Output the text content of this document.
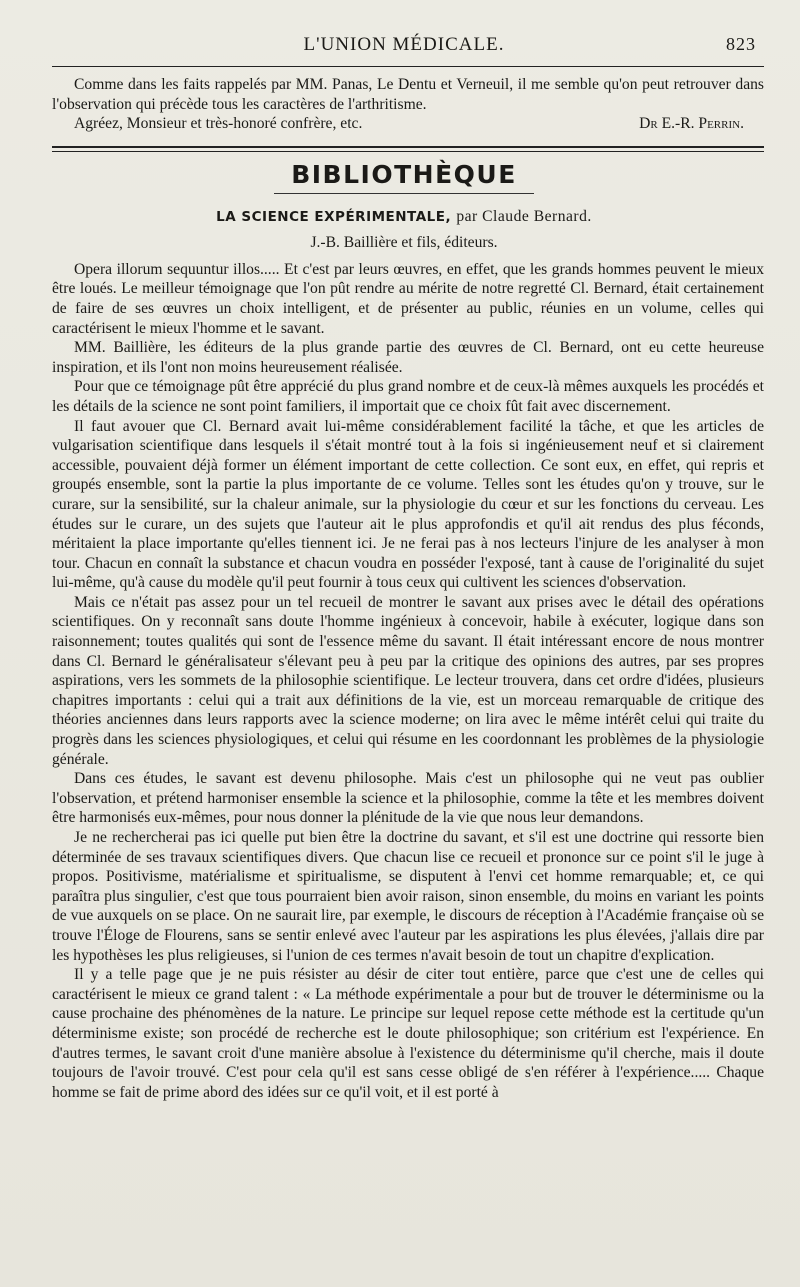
L'UNION MÉDICALE.	823

Comme dans les faits rappelés par MM. Panas, Le Dentu et Verneuil, il me semble qu'on peut retrouver dans l'observation qui précède tous les caractères de l'arthritisme.

Agréez, Monsieur et très-honoré confrère, etc.	Dr E.-R. Perrin.
BIBLIOTHÈQUE
LA SCIENCE EXPÉRIMENTALE, par Claude Bernard.
J.-B. Baillière et fils, éditeurs.

Opera illorum sequuntur illos..... Et c'est par leurs œuvres, en effet, que les grands hommes peuvent le mieux être loués. Le meilleur témoignage que l'on pût rendre au mérite de notre regretté Cl. Bernard, était certainement de faire de ses œuvres un choix intelligent, et de présenter au public, réunies en un volume, celles qui caractérisent le mieux l'homme et le savant.

MM. Baillière, les éditeurs de la plus grande partie des œuvres de Cl. Bernard, ont eu cette heureuse inspiration, et ils l'ont non moins heureusement réalisée.

Pour que ce témoignage pût être apprécié du plus grand nombre et de ceux-là mêmes auxquels les procédés et les détails de la science ne sont point familiers, il importait que ce choix fût fait avec discernement.

Il faut avouer que Cl. Bernard avait lui-même considérablement facilité la tâche, et que les articles de vulgarisation scientifique dans lesquels il s'était montré tout à la fois si ingénieusement neuf et si clairement accessible, pouvaient déjà former un élément important de cette collection. Ce sont eux, en effet, qui repris et groupés ensemble, sont la partie la plus importante de ce volume. Telles sont les études qu'on y trouve, sur le curare, sur la sensibilité, sur la chaleur animale, sur la physiologie du cœur et sur les fonctions du cerveau. Les études sur le curare, un des sujets que l'auteur ait le plus approfondis et qu'il ait rendus des plus féconds, méritaient la place importante qu'elles tiennent ici. Je ne ferai pas à nos lecteurs l'injure de les analyser à mon tour. Chacun en connaît la substance et chacun voudra en posséder l'exposé, tant à cause de l'originalité du sujet lui-même, qu'à cause du modèle qu'il peut fournir à tous ceux qui cultivent les sciences d'observation.

Mais ce n'était pas assez pour un tel recueil de montrer le savant aux prises avec le détail des opérations scientifiques. On y reconnaît sans doute l'homme ingénieux à concevoir, habile à exécuter, logique dans son raisonnement; toutes qualités qui sont de l'essence même du savant. Il était intéressant encore de nous montrer dans Cl. Bernard le généralisateur s'élevant peu à peu par la critique des opinions des autres, par ses propres aspirations, vers les sommets de la philosophie scientifique. Le lecteur trouvera, dans cet ordre d'idées, plusieurs chapitres importants : celui qui a trait aux définitions de la vie, est un morceau remarquable de critique des théories anciennes dans leurs rapports avec la science moderne; on lira avec le même intérêt celui qui traite du progrès dans les sciences physiologiques, et celui qui résume en les coordonnant les problèmes de la physiologie générale.

Dans ces études, le savant est devenu philosophe. Mais c'est un philosophe qui ne veut pas oublier l'observation, et prétend harmoniser ensemble la science et la philosophie, comme la tête et les membres doivent être harmonisés eux-mêmes, pour nous donner la plénitude de la vie que nous leur demandons.

Je ne rechercherai pas ici quelle put bien être la doctrine du savant, et s'il est une doctrine qui ressorte bien déterminée de ses travaux scientifiques divers. Que chacun lise ce recueil et prononce sur ce point s'il le juge à propos. Positivisme, matérialisme et spiritualisme, se disputent à l'envi cet homme remarquable; et, ce qui paraîtra plus singulier, c'est que tous pourraient bien avoir raison, sinon ensemble, du moins en variant les points de vue auxquels on se place. On ne saurait lire, par exemple, le discours de réception à l'Académie française où se trouve l'Éloge de Flourens, sans se sentir enlevé avec l'auteur par les aspirations les plus élevées, j'allais dire par les hypothèses les plus religieuses, si l'union de ces termes n'avait besoin de tout un chapitre d'explication.

Il y a telle page que je ne puis résister au désir de citer tout entière, parce que c'est une de celles qui caractérisent le mieux ce grand talent : « La méthode expérimentale a pour but de trouver le déterminisme ou la cause prochaine des phénomènes de la nature. Le principe sur lequel repose cette méthode est la certitude qu'un déterminisme existe; son procédé de recherche est le doute philosophique; son critérium est l'expérience. En d'autres termes, le savant croit d'une manière absolue à l'existence du déterminisme qu'il cherche, mais il doute toujours de l'avoir trouvé. C'est pour cela qu'il est sans cesse obligé de s'en référer à l'expérience..... Chaque homme se fait de prime abord des idées sur ce qu'il voit, et il est porté à
